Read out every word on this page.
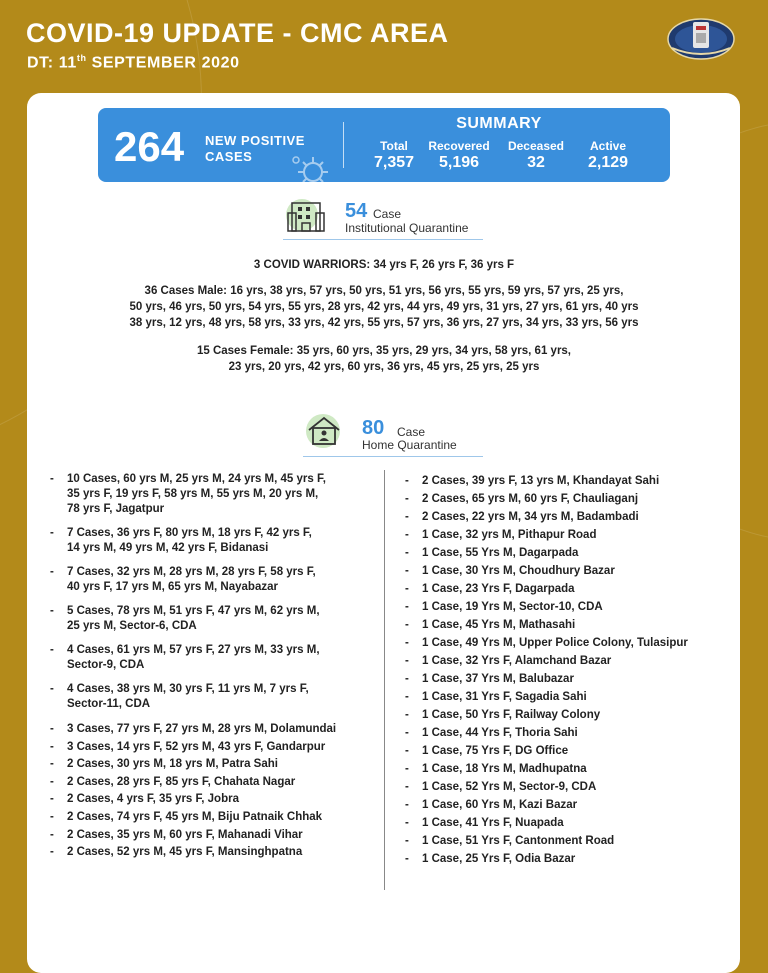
COVID-19 UPDATE - CMC AREA
DT: 11th SEPTEMBER 2020
264 NEW POSITIVE
CASES
SUMMARY
Total
7,357
Recovered
5,196
Deceased
32
Active
2,129
54 Case
Institutional Quarantine
3 COVID WARRIORS: 34 yrs F, 26 yrs F, 36 yrs F
36 Cases Male: 16 yrs, 38 yrs, 57 yrs, 50 yrs, 51 yrs, 56 yrs, 55 yrs, 59 yrs, 57 yrs, 25 yrs,
50 yrs, 46 yrs, 50 yrs, 54 yrs, 55 yrs, 28 yrs, 42 yrs, 44 yrs, 49 yrs, 31 yrs, 27 yrs, 61 yrs, 40 yrs
38 yrs, 12 yrs, 48 yrs, 58 yrs, 33 yrs, 42 yrs, 55 yrs, 57 yrs, 36 yrs, 27 yrs, 34 yrs, 33 yrs, 56 yrs
15 Cases Female: 35 yrs, 60 yrs, 35 yrs, 29 yrs, 34 yrs, 58 yrs, 61 yrs,
23 yrs, 20 yrs, 42 yrs, 60 yrs, 36 yrs, 45 yrs, 25 yrs, 25 yrs
80 Case
Home Quarantine
- 10 Cases, 60 yrs M, 25 yrs M, 24 yrs M, 45 yrs F,
35 yrs F, 19 yrs F, 58 yrs M, 55 yrs M, 20 yrs M,
78 yrs F, Jagatpur
- 7 Cases, 36 yrs F, 80 yrs M, 18 yrs F, 42 yrs F,
14 yrs M, 49 yrs M, 42 yrs F, Bidanasi
- 7 Cases, 32 yrs M, 28 yrs M, 28 yrs F, 58 yrs F,
40 yrs F, 17 yrs M, 65 yrs M, Nayabazar
- 5 Cases, 78 yrs M, 51 yrs F, 47 yrs M, 62 yrs M,
25 yrs M, Sector-6, CDA
- 4 Cases, 61 yrs M, 57 yrs F, 27 yrs M, 33 yrs M,
Sector-9, CDA
- 4 Cases, 38 yrs M, 30 yrs F, 11 yrs M, 7 yrs F,
Sector-11, CDA
- 3 Cases, 77 yrs F, 27 yrs M, 28 yrs M, Dolamundai
- 3 Cases, 14 yrs F, 52 yrs M, 43 yrs F, Gandarpur
- 2 Cases, 30 yrs M, 18 yrs M, Patra Sahi
- 2 Cases, 28 yrs F, 85 yrs F, Chahata Nagar
- 2 Cases, 4 yrs F, 35 yrs F, Jobra
- 2 Cases, 74 yrs F, 45 yrs M, Biju Patnaik Chhak
- 2 Cases, 35 yrs M, 60 yrs F, Mahanadi Vihar
- 2 Cases, 52 yrs M, 45 yrs F, Mansinghpatna
- 2 Cases, 39 yrs F, 13 yrs M, Khandayat Sahi
- 2 Cases, 65 yrs M, 60 yrs F, Chauliaganj
- 2 Cases, 22 yrs M, 34 yrs M, Badambadi
- 1 Case, 32 yrs M, Pithapur Road
- 1 Case, 55 Yrs M, Dagarpada
- 1 Case, 30 Yrs M, Choudhury Bazar
- 1 Case, 23 Yrs F, Dagarpada
- 1 Case, 19 Yrs M, Sector-10, CDA
- 1 Case, 45 Yrs M, Mathasahi
- 1 Case, 49 Yrs M, Upper Police Colony, Tulasipur
- 1 Case, 32 Yrs F, Alamchand Bazar
- 1 Case, 37 Yrs M, Balubazar
- 1 Case, 31 Yrs F, Sagadia Sahi
- 1 Case, 50 Yrs F, Railway Colony
- 1 Case, 44 Yrs F, Thoria Sahi
- 1 Case, 75 Yrs F, DG Office
- 1 Case, 18 Yrs M, Madhupatna
- 1 Case, 52 Yrs M, Sector-9, CDA
- 1 Case, 60 Yrs M, Kazi Bazar
- 1 Case, 41 Yrs F, Nuapada
- 1 Case, 51 Yrs F, Cantonment Road
- 1 Case, 25 Yrs F, Odia Bazar
